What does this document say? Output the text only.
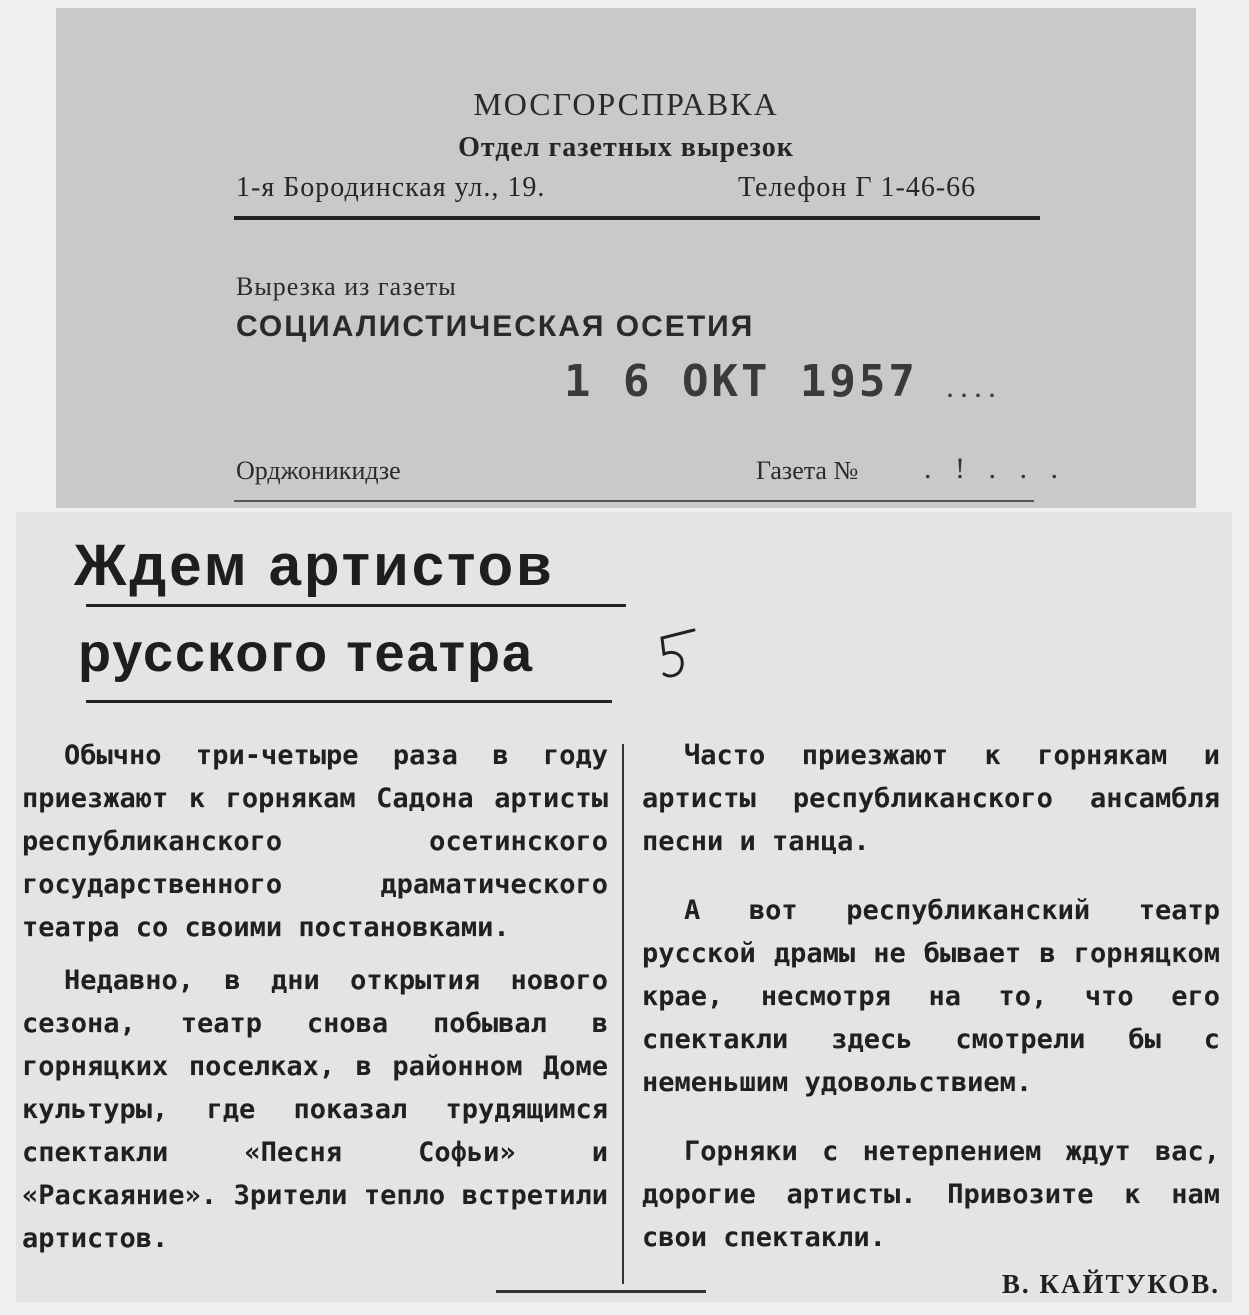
МОСГОРСПРАВКА
Отдел газетных вырезок
1-я Бородинская ул., 19.	Телефон Г 1-46-66
Вырезка из газеты
СОЦИАЛИСТИЧЕСКАЯ ОСЕТИЯ
1 6 ОКТ 1957 ....
Орджоникидзе	Газета № . ! . . .
Ждем артистов
русского театра

Обычно три-четыре раза в году приезжают к горнякам Садона артисты республиканского осетинского государственного драматического театра со своими постановками.

Недавно, в дни открытия нового сезона, театр снова побывал в горняцких поселках, в районном Доме культуры, где показал трудящимся спектакли «Песня Софьи» и «Раскаяние». Зрители тепло встретили артистов.

Часто приезжают к горнякам и артисты республиканского ансамбля песни и танца.

А вот республиканский театр русской драмы не бывает в горняцком крае, несмотря на то, что его спектакли здесь смотрели бы с неменьшим удовольствием.

Горняки с нетерпением ждут вас, дорогие артисты. Привозите к нам свои спектакли.

В. КАЙТУКОВ.
